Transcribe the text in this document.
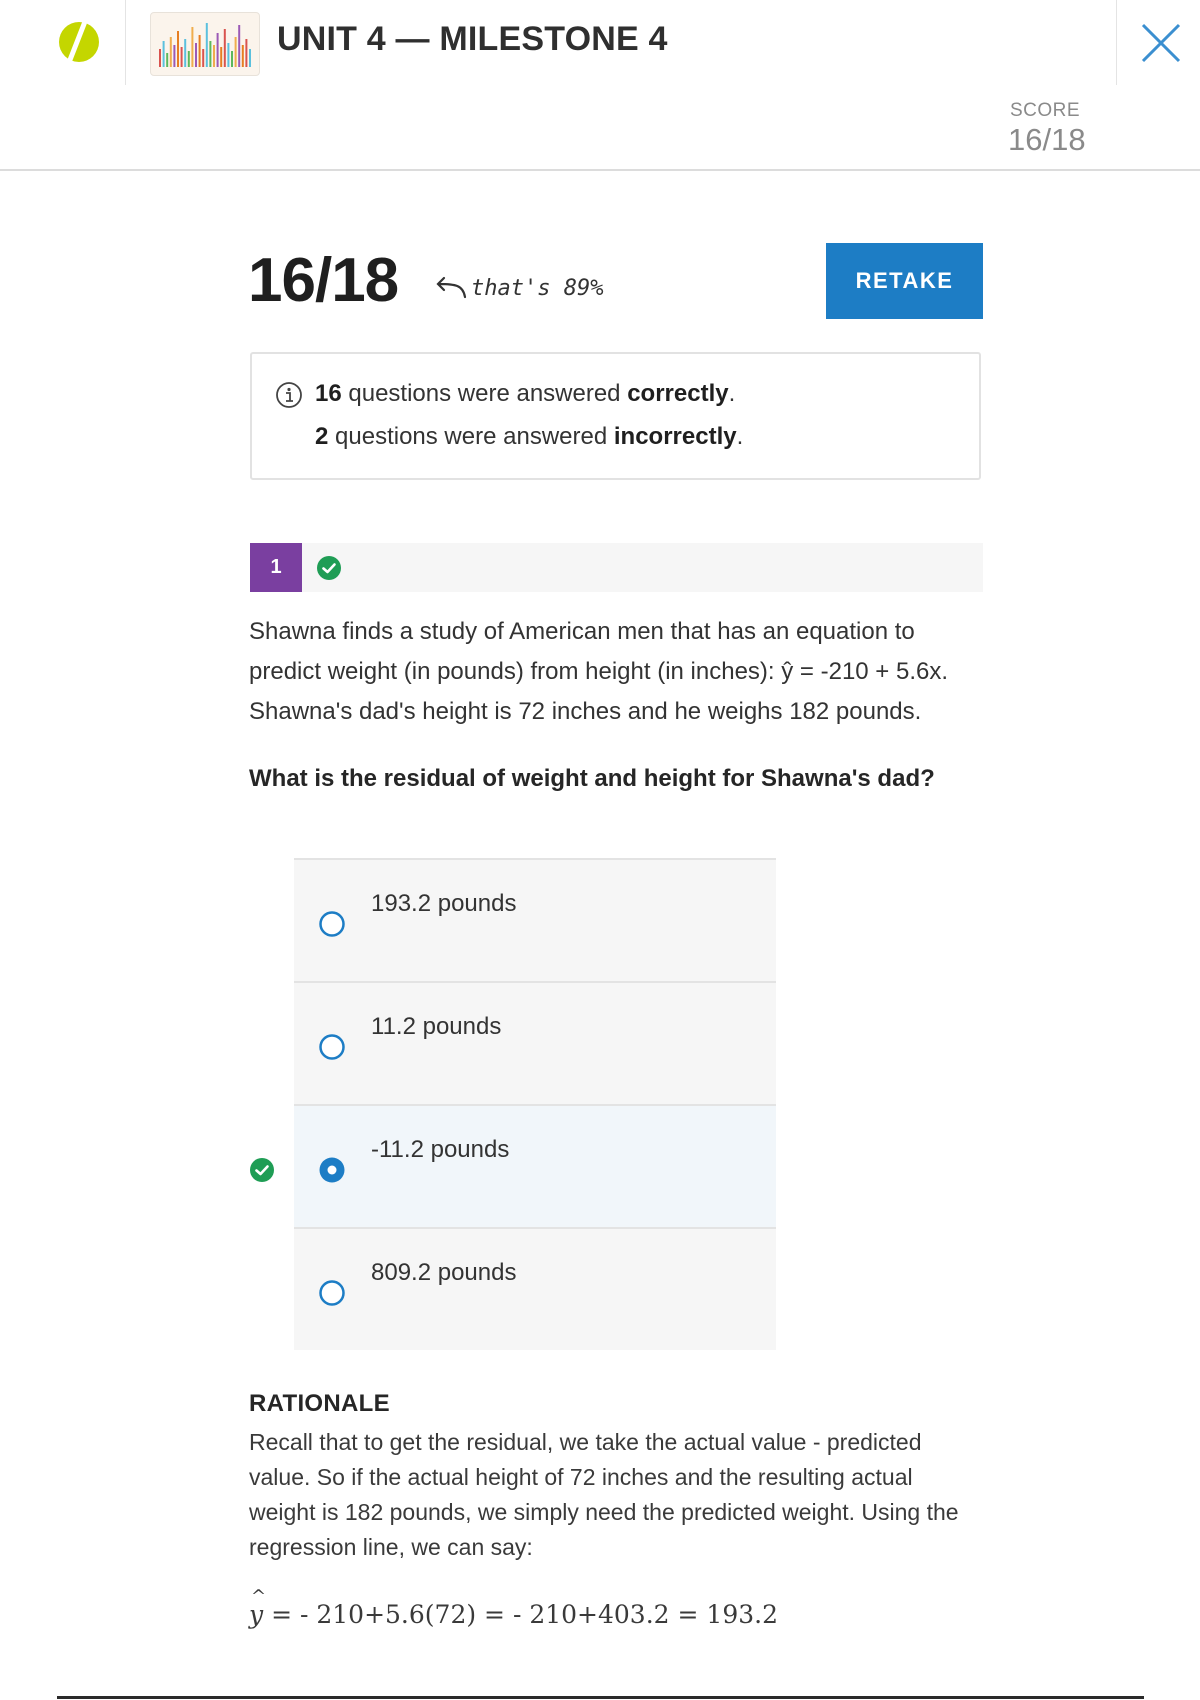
UNIT 4 — MILESTONE 4
SCORE
16/18
16/18	that's 89%	RETAKE
16 questions were answered correctly.
2 questions were answered incorrectly.
1

Shawna finds a study of American men that has an equation to predict weight (in pounds) from height (in inches): ŷ = -210 + 5.6x. Shawna's dad's height is 72 inches and he weighs 182 pounds.

What is the residual of weight and height for Shawna's dad?
193.2 pounds
11.2 pounds
-11.2 pounds
809.2 pounds
RATIONALE

Recall that to get the residual, we take the actual value - predicted value. So if the actual height of 72 inches and the resulting actual weight is 182 pounds, we simply need the predicted weight. Using the regression line, we can say:

^ y = - 210+5.6(72) = - 210+403.2 = 193.2
